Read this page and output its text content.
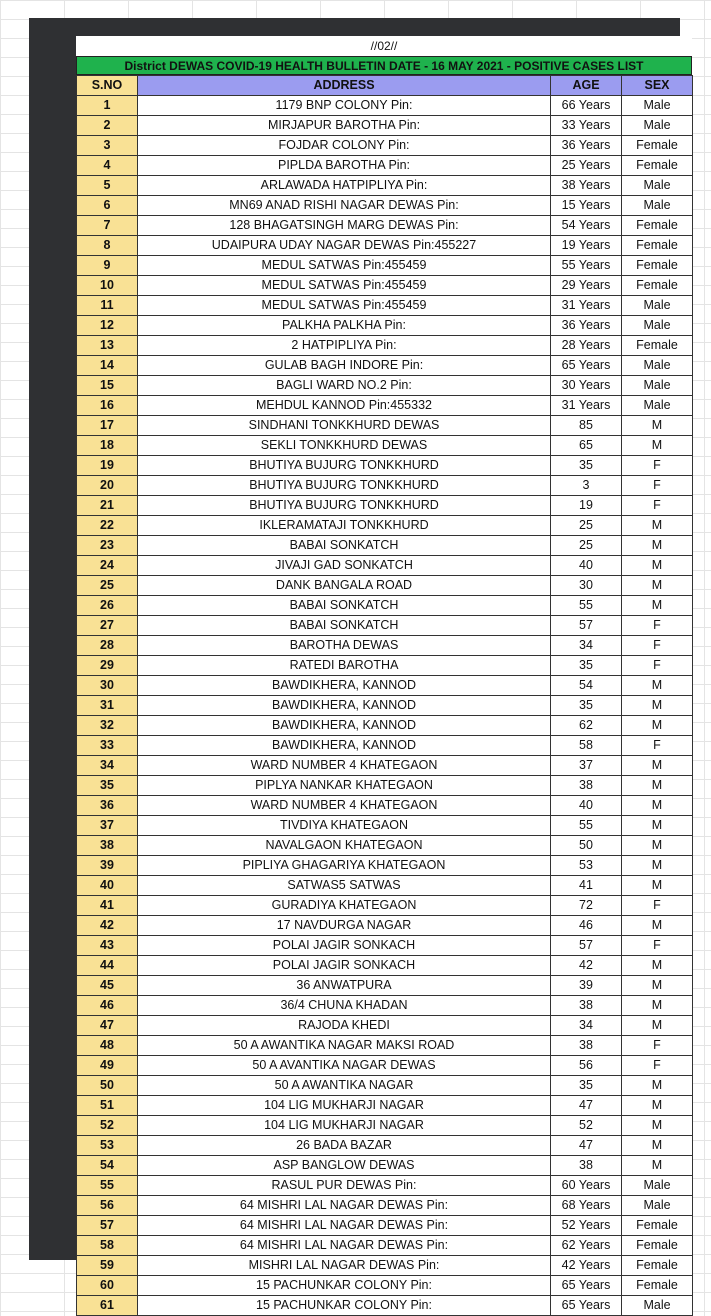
//02//
District DEWAS COVID-19 HEALTH BULLETIN DATE - 16 MAY 2021 - POSITIVE CASES LIST
S.NO	ADDRESS	AGE	SEX
1	1179 BNP COLONY Pin:	66 Years	Male
2	MIRJAPUR BAROTHA Pin:	33 Years	Male
3	FOJDAR COLONY Pin:	36 Years	Female
4	PIPLDA BAROTHA Pin:	25 Years	Female
5	ARLAWADA HATPIPLIYA Pin:	38 Years	Male
6	MN69 ANAD RISHI NAGAR DEWAS Pin:	15 Years	Male
7	128 BHAGATSINGH MARG DEWAS Pin:	54 Years	Female
8	UDAIPURA UDAY NAGAR DEWAS Pin:455227	19 Years	Female
9	MEDUL SATWAS Pin:455459	55 Years	Female
10	MEDUL SATWAS Pin:455459	29 Years	Female
11	MEDUL SATWAS Pin:455459	31 Years	Male
12	PALKHA PALKHA Pin:	36 Years	Male
13	2 HATPIPLIYA Pin:	28 Years	Female
14	GULAB BAGH INDORE Pin:	65 Years	Male
15	BAGLI WARD NO.2 Pin:	30 Years	Male
16	MEHDUL KANNOD Pin:455332	31 Years	Male
17	SINDHANI TONKKHURD DEWAS	85	M
18	SEKLI TONKKHURD DEWAS	65	M
19	BHUTIYA BUJURG TONKKHURD	35	F
20	BHUTIYA BUJURG TONKKHURD	3	F
21	BHUTIYA BUJURG TONKKHURD	19	F
22	IKLERAMATAJI TONKKHURD	25	M
23	BABAI SONKATCH	25	M
24	JIVAJI GAD SONKATCH	40	M
25	DANK BANGALA ROAD	30	M
26	BABAI SONKATCH	55	M
27	BABAI SONKATCH	57	F
28	BAROTHA DEWAS	34	F
29	RATEDI BAROTHA	35	F
30	BAWDIKHERA, KANNOD	54	M
31	BAWDIKHERA, KANNOD	35	M
32	BAWDIKHERA, KANNOD	62	M
33	BAWDIKHERA, KANNOD	58	F
34	WARD NUMBER 4 KHATEGAON	37	M
35	PIPLYA NANKAR KHATEGAON	38	M
36	WARD NUMBER 4 KHATEGAON	40	M
37	TIVDIYA KHATEGAON	55	M
38	NAVALGAON KHATEGAON	50	M
39	PIPLIYA GHAGARIYA KHATEGAON	53	M
40	SATWAS5 SATWAS	41	M
41	GURADIYA KHATEGAON	72	F
42	17 NAVDURGA NAGAR	46	M
43	POLAI JAGIR SONKACH	57	F
44	POLAI JAGIR SONKACH	42	M
45	36 ANWATPURA	39	M
46	36/4 CHUNA KHADAN	38	M
47	RAJODA KHEDI	34	M
48	50 A AWANTIKA NAGAR MAKSI ROAD	38	F
49	50 A AVANTIKA NAGAR DEWAS	56	F
50	50 A AWANTIKA NAGAR	35	M
51	104 LIG MUKHARJI NAGAR	47	M
52	104 LIG MUKHARJI NAGAR	52	M
53	26 BADA BAZAR	47	M
54	ASP BANGLOW DEWAS	38	M
55	RASUL PUR DEWAS Pin:	60 Years	Male
56	64 MISHRI LAL NAGAR DEWAS Pin:	68 Years	Male
57	64 MISHRI LAL NAGAR DEWAS Pin:	52 Years	Female
58	64 MISHRI LAL NAGAR DEWAS Pin:	62 Years	Female
59	MISHRI LAL NAGAR DEWAS Pin:	42 Years	Female
60	15 PACHUNKAR COLONY Pin:	65 Years	Female
61	15 PACHUNKAR COLONY Pin:	65 Years	Male
